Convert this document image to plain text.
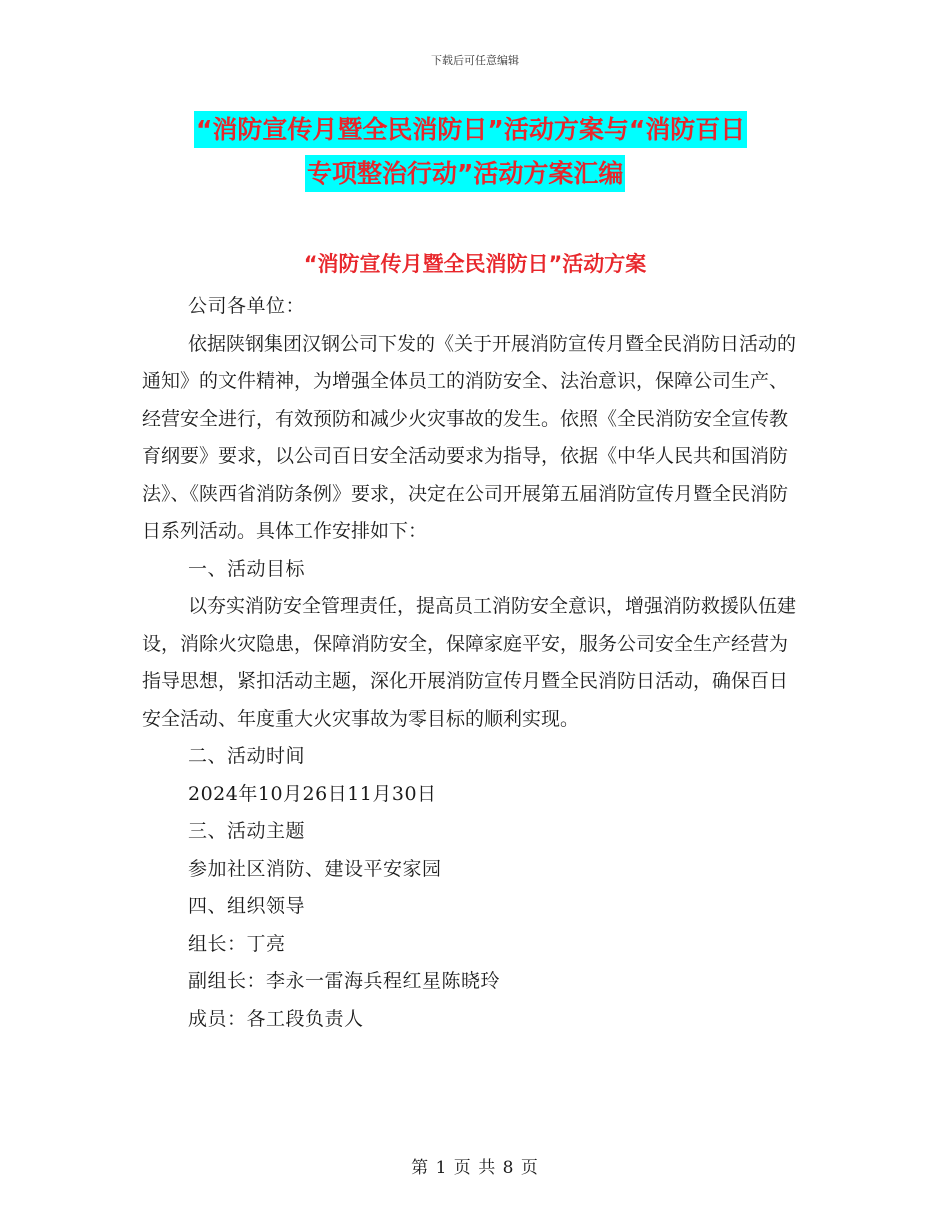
下载后可任意编辑
“消防宣传月暨全民消防日”活动方案与“消防百日
专项整治行动”活动方案汇编
“消防宣传月暨全民消防日”活动方案

公司各单位：

依据陕钢集团汉钢公司下发的《关于开展消防宣传月暨全民消防日活动的通知》的文件精神，为增强全体员工的消防安全、法治意识，保障公司生产、经营安全进行，有效预防和减少火灾事故的发生。依照《全民消防安全宣传教育纲要》要求，以公司百日安全活动要求为指导，依据《中华人民共和国消防法》、《陕西省消防条例》要求，决定在公司开展第五届消防宣传月暨全民消防日系列活动。具体工作安排如下：

一、活动目标

以夯实消防安全管理责任，提高员工消防安全意识，增强消防救援队伍建设，消除火灾隐患，保障消防安全，保障家庭平安，服务公司安全生产经营为指导思想，紧扣活动主题，深化开展消防宣传月暨全民消防日活动，确保百日安全活动、年度重大火灾事故为零目标的顺利实现。

二、活动时间

2024年10月26日11月30日

三、活动主题

参加社区消防、建设平安家园

四、组织领导

组长：丁亮

副组长：李永一雷海兵程红星陈晓玲

成员：各工段负责人

第 1 页 共 8 页
